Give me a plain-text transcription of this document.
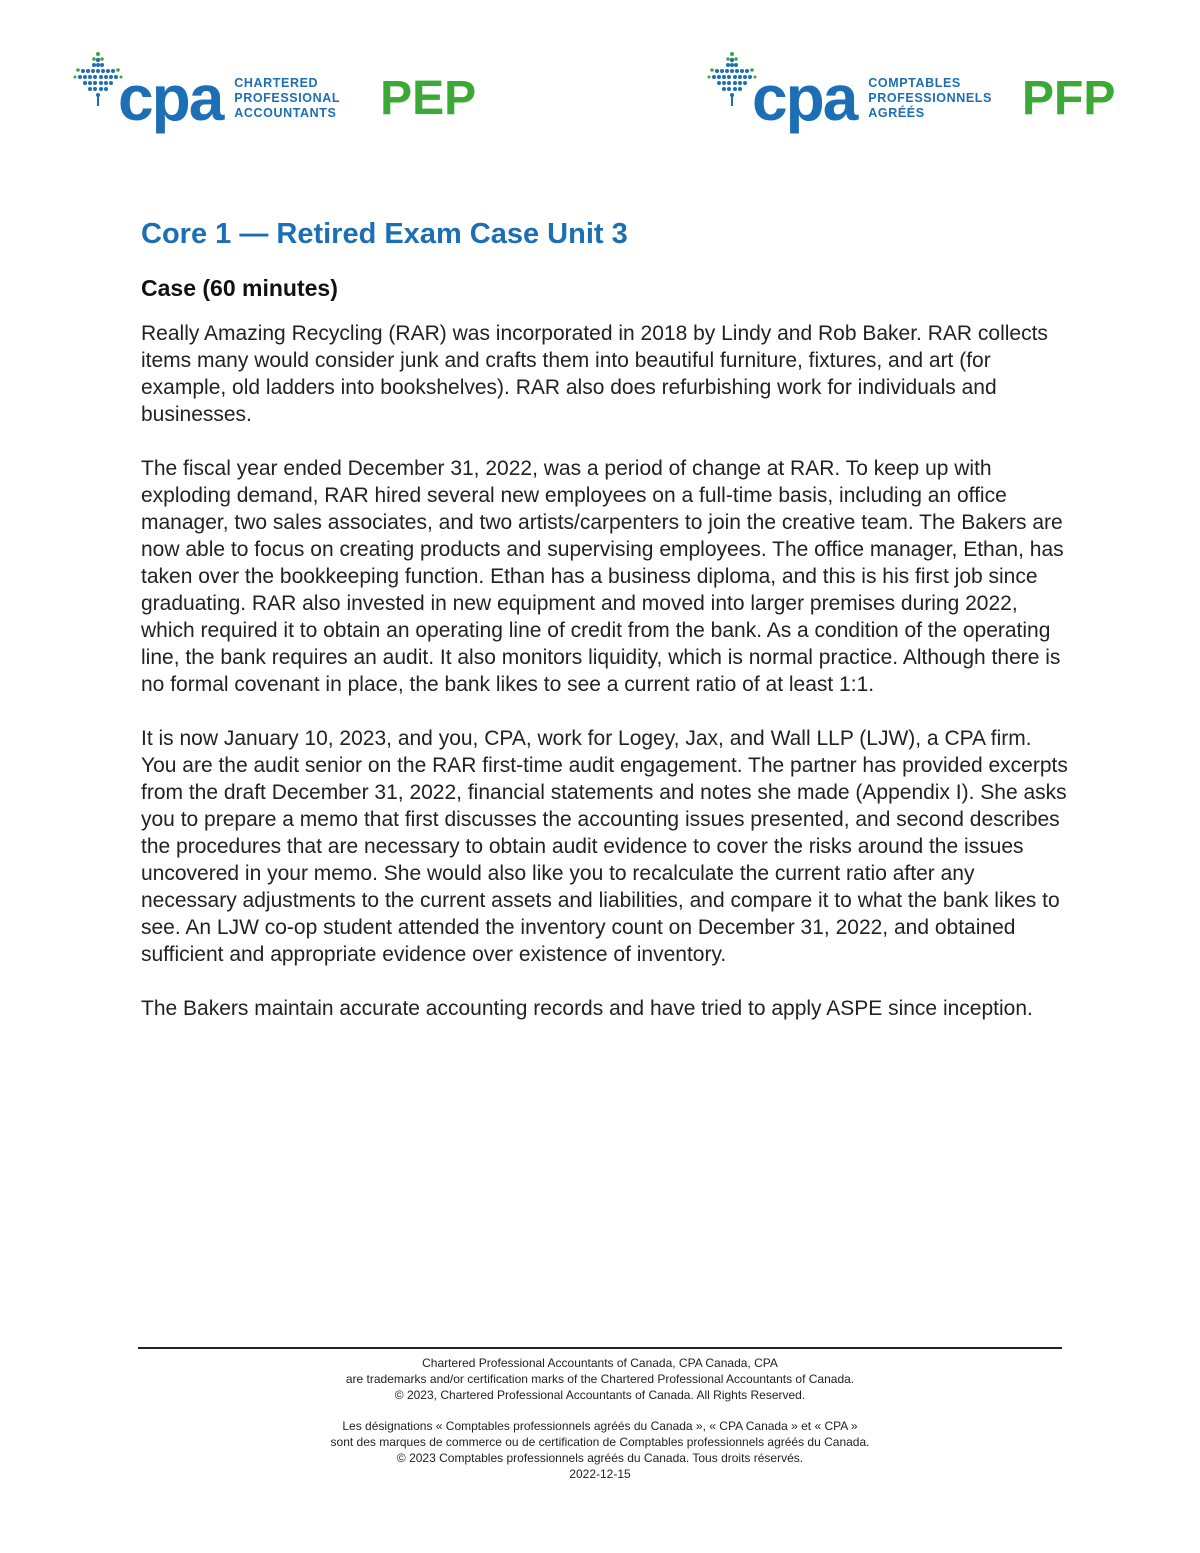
cpa CHARTERED
PROFESSIONAL
ACCOUNTANTS PEP	cpa COMPTABLES
PROFESSIONNELS
AGRÉÉS	PFP
Core 1 — Retired Exam Case Unit 3
Case (60 minutes)

Really Amazing Recycling (RAR) was incorporated in 2018 by Lindy and Rob Baker. RAR collects items many would consider junk and crafts them into beautiful furniture, fixtures, and art (for example, old ladders into bookshelves). RAR also does refurbishing work for individuals and businesses.

The fiscal year ended December 31, 2022, was a period of change at RAR. To keep up with exploding demand, RAR hired several new employees on a full-time basis, including an office manager, two sales associates, and two artists/carpenters to join the creative team. The Bakers are now able to focus on creating products and supervising employees. The office manager, Ethan, has taken over the bookkeeping function. Ethan has a business diploma, and this is his first job since graduating. RAR also invested in new equipment and moved into larger premises during 2022, which required it to obtain an operating line of credit from the bank. As a condition of the operating line, the bank requires an audit. It also monitors liquidity, which is normal practice. Although there is no formal covenant in place, the bank likes to see a current ratio of at least 1:1.

It is now January 10, 2023, and you, CPA, work for Logey, Jax, and Wall LLP (LJW), a CPA firm. You are the audit senior on the RAR first-time audit engagement. The partner has provided excerpts from the draft December 31, 2022, financial statements and notes she made (Appendix I). She asks you to prepare a memo that first discusses the accounting issues presented, and second describes the procedures that are necessary to obtain audit evidence to cover the risks around the issues uncovered in your memo. She would also like you to recalculate the current ratio after any necessary adjustments to the current assets and liabilities, and compare it to what the bank likes to see. An LJW co-op student attended the inventory count on December 31, 2022, and obtained sufficient and appropriate evidence over existence of inventory.

The Bakers maintain accurate accounting records and have tried to apply ASPE since inception.

Chartered Professional Accountants of Canada, CPA Canada, CPA
are trademarks and/or certification marks of the Chartered Professional Accountants of Canada.
© 2023, Chartered Professional Accountants of Canada. All Rights Reserved.
Les désignations « Comptables professionnels agréés du Canada », « CPA Canada » et « CPA »
sont des marques de commerce ou de certification de Comptables professionnels agréés du Canada.
© 2023 Comptables professionnels agréés du Canada. Tous droits réservés.
2022-12-15
